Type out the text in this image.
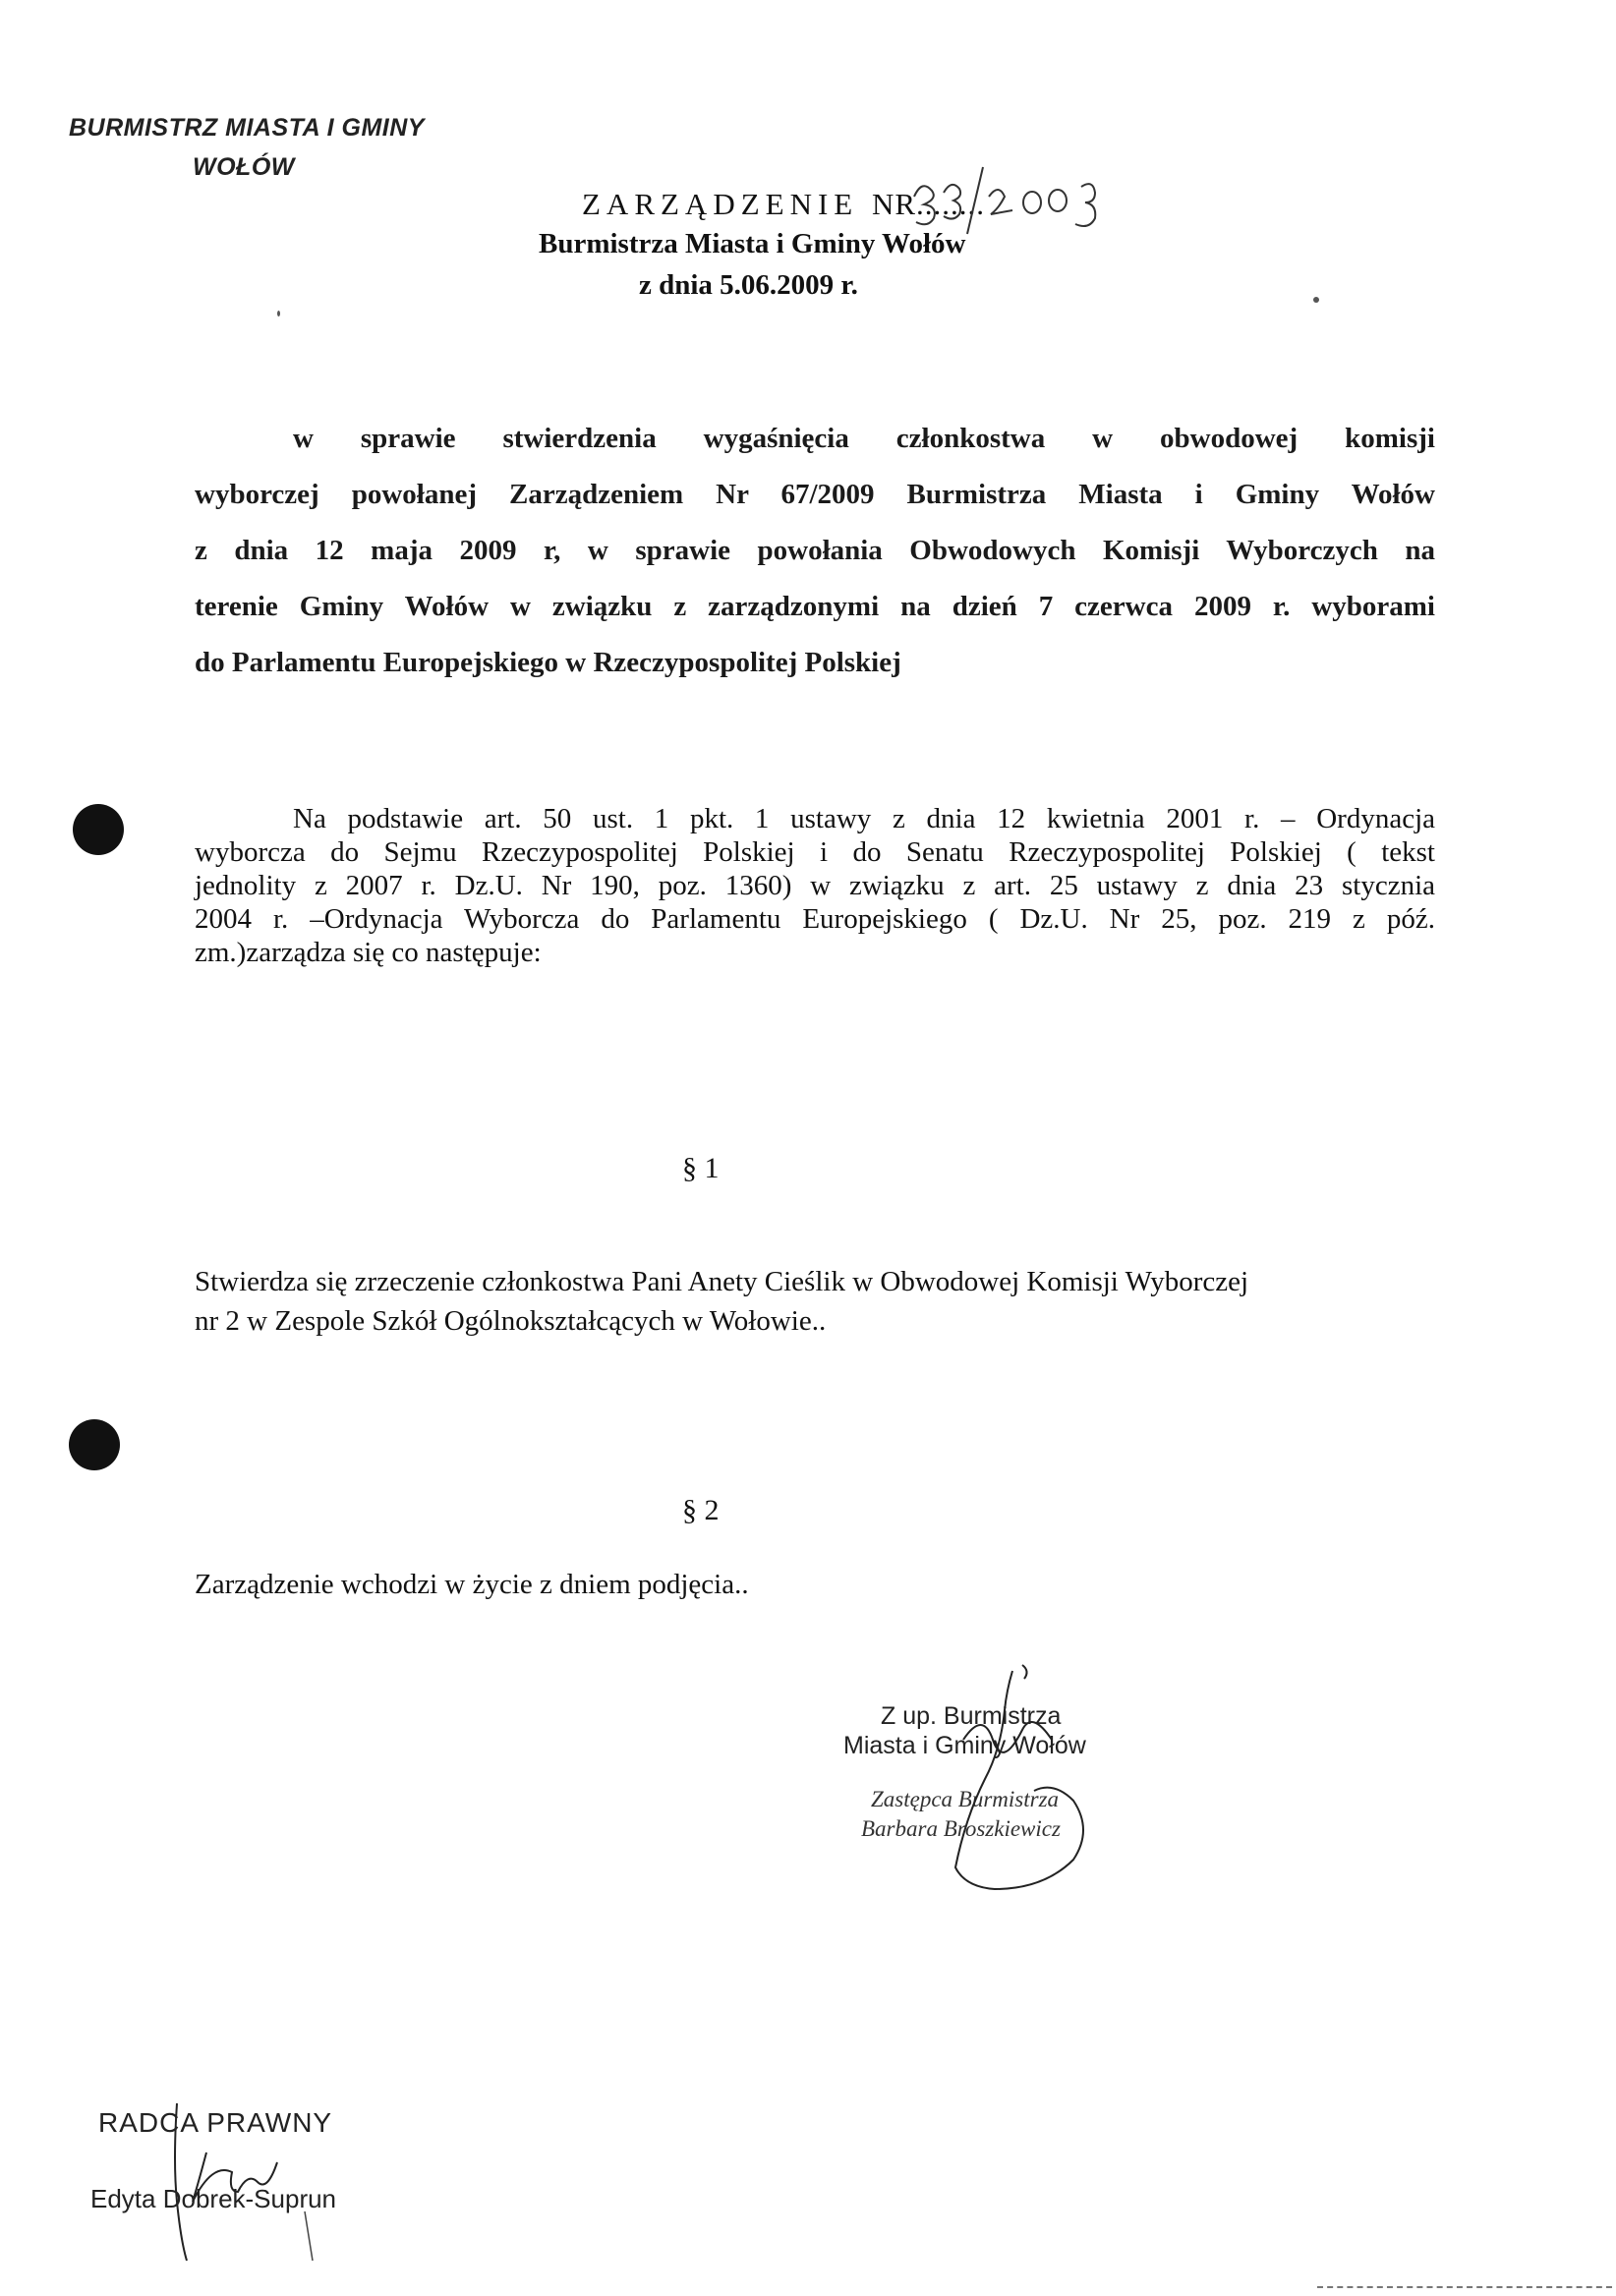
BURMISTRZ MIASTA I GMINY
WOŁÓW
ZARZĄDZENIE NR........
Burmistrza Miasta i Gminy Wołów
z dnia 5.06.2009 r.
w sprawie stwierdzenia wygaśnięcia członkostwa w obwodowej komisji
wyborczej powołanej Zarządzeniem Nr 67/2009 Burmistrza Miasta i Gminy Wołów
z dnia 12 maja 2009 r, w sprawie powołania Obwodowych Komisji Wyborczych na
terenie Gminy Wołów w związku z zarządzonymi na dzień 7 czerwca 2009 r. wyborami
do Parlamentu Europejskiego w Rzeczypospolitej Polskiej
Na podstawie art. 50 ust. 1 pkt. 1 ustawy z dnia 12 kwietnia 2001 r. – Ordynacja
wyborcza do Sejmu Rzeczypospolitej Polskiej i do Senatu Rzeczypospolitej Polskiej ( tekst
jednolity z 2007 r. Dz.U. Nr 190, poz. 1360) w związku z art. 25 ustawy z dnia 23 stycznia
2004 r. –Ordynacja Wyborcza do Parlamentu Europejskiego ( Dz.U. Nr 25, poz. 219 z póź.
zm.)zarządza się co następuje:
§ 1
Stwierdza się zrzeczenie członkostwa Pani Anety Cieślik w Obwodowej Komisji Wyborczej
nr 2 w Zespole Szkół Ogólnokształcących w Wołowie..
§ 2
Zarządzenie wchodzi w życie z dniem podjęcia..
Z up. Burmistrza
Miasta i Gminy Wołów
Zastępca Burmistrza
Barbara Broszkiewicz
RADCA PRAWNY
Edyta Dobrek-Suprun
